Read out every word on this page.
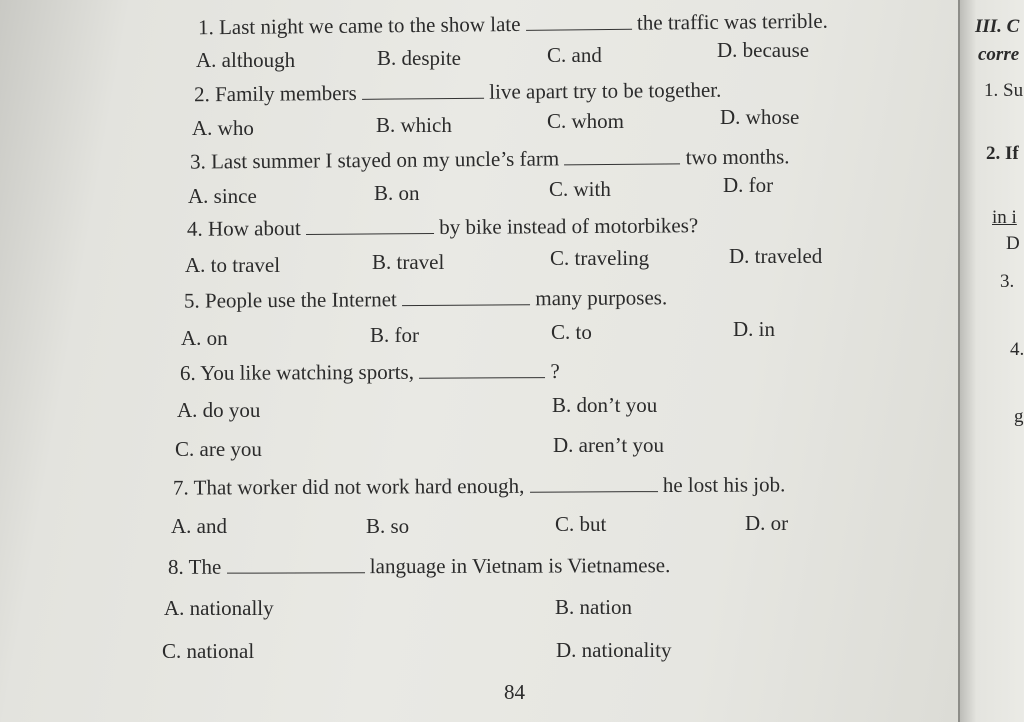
1. Last night we came to the show late	the traffic was terrible.
A. although	B. despite	C. and	D. because
2. Family members	live apart try to be together.
A. who	B. which	C. whom	D. whose
3. Last summer I stayed on my uncle’s farm	two months.
A. since	B. on	C. with	D. for
4. How about	by bike instead of motorbikes?
A. to travel	B. travel	C. traveling	D. traveled
5. People use the Internet	many purposes.
A. on	B. for	C. to	D. in
6. You like watching sports,	?
A. do you	B. don’t you
C. are you	D. aren’t you
7. That worker did not work hard enough,	he lost his job.
A. and	B. so	C. but	D. or
8. The	language in Vietnam is Vietnamese.
A. nationally	B. nation
C. national	D. nationality
84
III. C
corre
1. Su
2. If
in i
D
3.
4.
g
